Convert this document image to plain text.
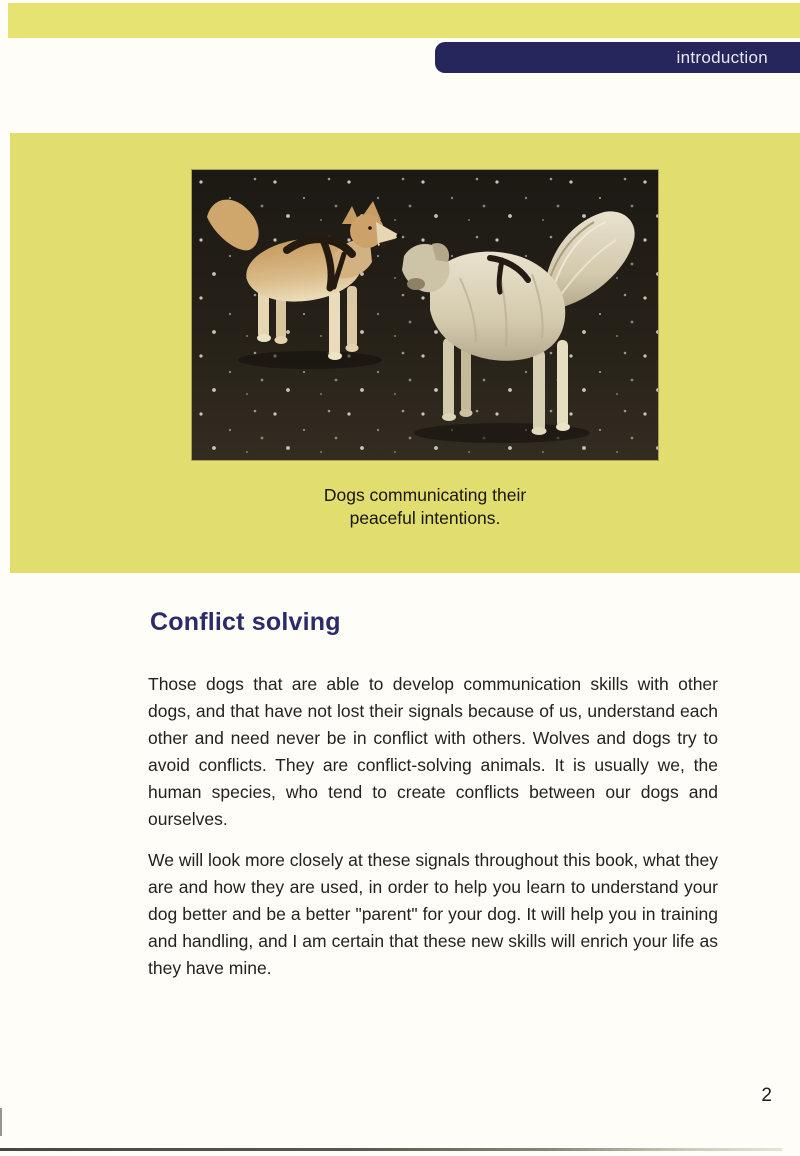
introduction
Dogs communicating their
peaceful intentions.
Conflict solving

Those dogs that are able to develop communication skills with other dogs, and that have not lost their signals because of us, understand each other and need never be in conflict with others. Wolves and dogs try to avoid conflicts. They are conflict-solving animals. It is usually we, the human species, who tend to create conflicts between our dogs and ourselves.

We will look more closely at these signals throughout this book, what they are and how they are used, in order to help you learn to understand your dog better and be a better "parent" for your dog. It will help you in training and handling, and I am certain that these new skills will enrich your life as they have mine.

2
